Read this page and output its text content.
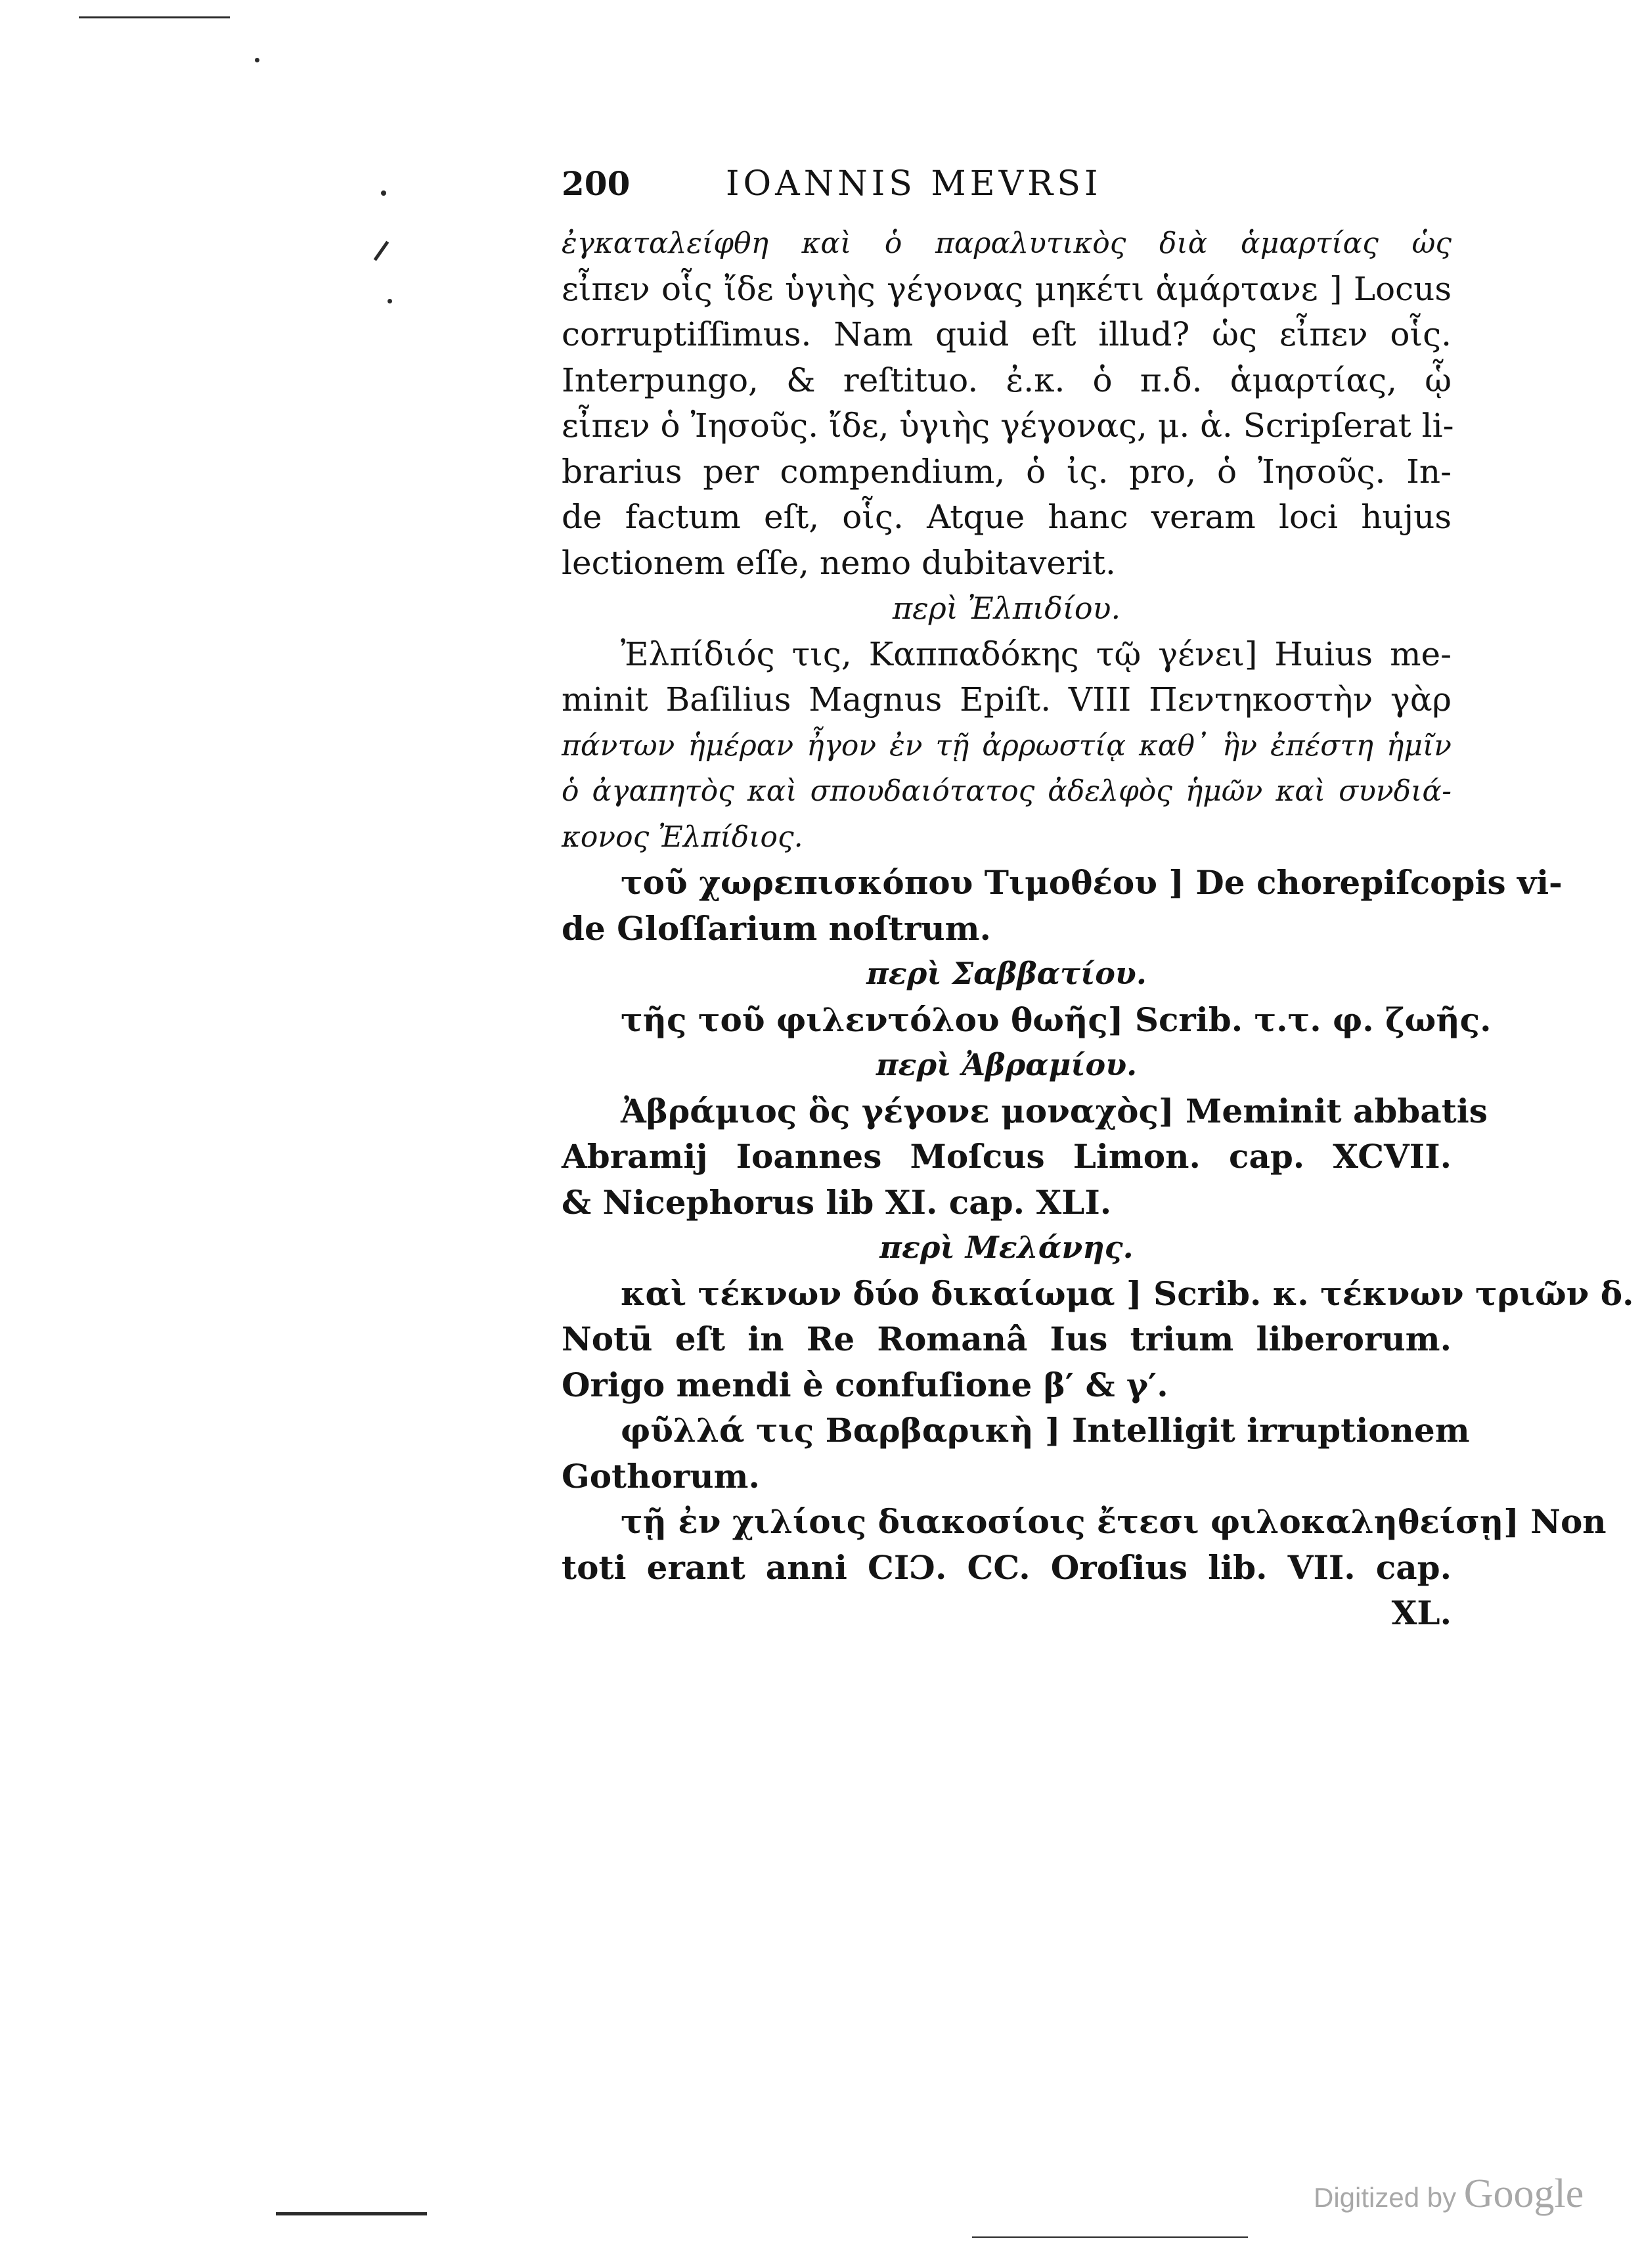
200	IOANNIS MEVRSI
ἐγκαταλείφθη καὶ ὁ παραλυτικὸς διὰ ἁμαρτίας ὡς
εἶπεν οἷς ἴδε ὑγιὴς γέγονας μηκέτι ἁμάρτανε ] Locus
corruptiſſimus. Nam quid eſt illud? ὡς εἶπεν οἷς.
Interpungo, & reſtituo. ἐ.κ. ὁ π.δ. ἁμαρτίας, ᾧ
εἶπεν ὁ Ἰησοῦς. ἴδε, ὑγιὴς γέγονας, μ. ἁ. Scripſerat li-
brarius per compendium, ὁ ἰς. pro, ὁ Ἰησοῦς. In-
de factum eſt, οἷς. Atque hanc veram loci hujus
lectionem eſſe, nemo dubitaverit.
περὶ Ἐλπιδίου.
Ἐλπίδιός τις, Καππαδόκης τῷ γένει] Huius me-
minit Baſilius Magnus Epiſt. VIII Πεντηκοστὴν γὰρ
πάντων ἡμέραν ἦγον ἐν τῇ ἀρρωστίᾳ καθ᾽ ἣν ἐπέστη ἡμῖν
ὁ ἀγαπητὸς καὶ σπουδαιότατος ἀδελφὸς ἡμῶν καὶ συνδιά-
κονος Ἐλπίδιος.
τοῦ χωρεπισκόπου Τιμοθέου ] De chorepiſcopis vi-
de Gloſſarium noſtrum.
περὶ Σαββατίου.
τῆς τοῦ φιλεντόλου θωῆς] Scrib. τ.τ. φ. ζωῆς.
περὶ Ἀβραμίου.
Ἀβράμιος ὃς γέγονε μοναχὸς] Meminit abbatis
Abramij Ioannes Moſcus Limon. cap. XCVII.
& Nicephorus lib XI. cap. XLI.
περὶ Μελάνης.
καὶ τέκνων δύο δικαίωμα ] Scrib. κ. τέκνων τριῶν δ.
Notū eſt in Re Romanâ Ius trium liberorum.
Origo mendi è confuſione β′ & γ′.
φῦλλά τις Βαρβαρικὴ ] Intelligit irruptionem
Gothorum.
τῇ ἐν χιλίοις διακοσίοις ἔτεσι φιλοκαληθείσῃ] Non
toti erant anni CIƆ. CC. Oroſius lib. VII. cap.
XL.
Digitized by Google
